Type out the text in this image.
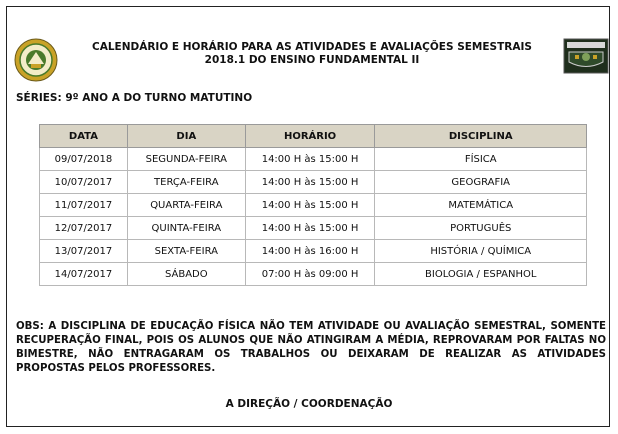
CALENDÁRIO E HORÁRIO PARA AS ATIVIDADES E AVALIAÇÕES SEMESTRAIS
2018.1 DO ENSINO FUNDAMENTAL II
SÉRIES: 9º ANO A DO TURNO MATUTINO
DATA	DIA	HORÁRIO	DISCIPLINA
09/07/2018	SEGUNDA-FEIRA	14:00 H às 15:00 H	FÍSICA
10/07/2017	TERÇA-FEIRA	14:00 H às 15:00 H	GEOGRAFIA
11/07/2017	QUARTA-FEIRA	14:00 H às 15:00 H	MATEMÁTICA
12/07/2017	QUINTA-FEIRA	14:00 H às 15:00 H	PORTUGUÊS
13/07/2017	SEXTA-FEIRA	14:00 H às 16:00 H	HISTÓRIA / QUÍMICA
14/07/2017	SÁBADO	07:00 H às 09:00 H	BIOLOGIA / ESPANHOL
OBS: A DISCIPLINA DE EDUCAÇÃO FÍSICA NÃO TEM ATIVIDADE OU AVALIAÇÃO SEMESTRAL, SOMENTE RECUPERAÇÃO FINAL, POIS OS ALUNOS QUE NÃO ATINGIRAM A MÉDIA, REPROVARAM POR FALTAS NO BIMESTRE, NÃO ENTRAGARAM OS TRABALHOS OU DEIXARAM DE REALIZAR AS ATIVIDADES PROPOSTAS PELOS PROFESSORES.
A DIREÇÃO / COORDENAÇÃO
